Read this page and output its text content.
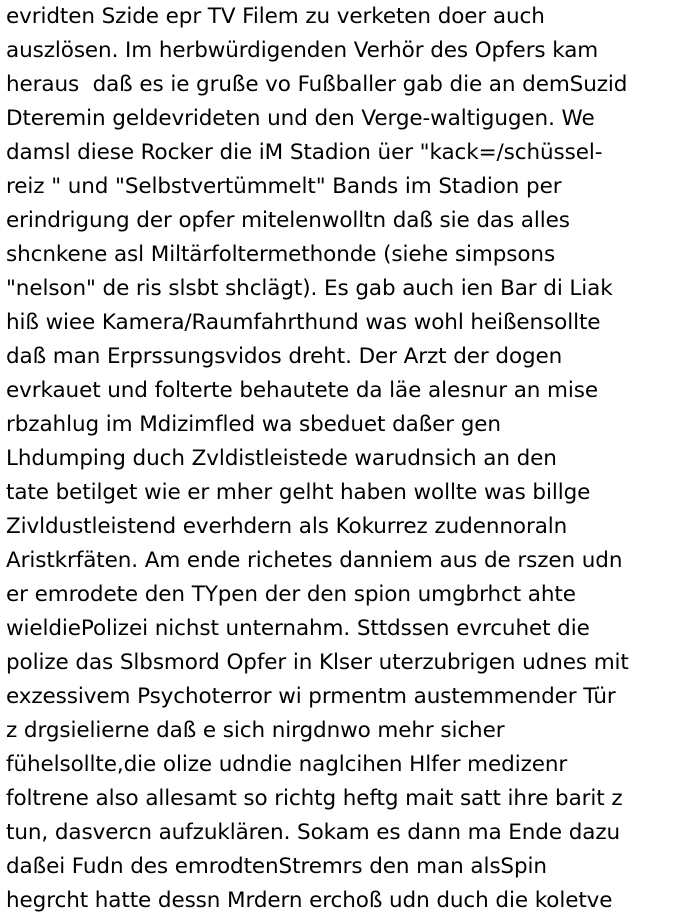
evridten Szide epr TV Filem zu verketen doer auch
auszlösen. Im herbwürdigenden Verhör des Opfers kam
heraus  daß es ie gruße vo Fußballer gab die an demSuzid
Dteremin geldevrideten und den Verge-waltigugen. We
damsl diese Rocker die iM Stadion üer "kack=/schüssel-
reiz " und "Selbstvertümmelt" Bands im Stadion per
erindrigung der opfer mitelenwolltn daß sie das alles
shcnkene asl Miltärfoltermethonde (siehe simpsons
"nelson" de ris slsbt shclägt). Es gab auch ien Bar di Liak
hiß wiee Kamera/Raumfahrthund was wohl heißensollte
daß man Erprssungsvidos dreht. Der Arzt der dogen
evrkauet und folterte behautete da läe alesnur an mise
rbzahlug im Mdizimfled wa sbeduet daßer gen
Lhdumping duch Zvldistleistede warudnsich an den
tate betilget wie er mher gelht haben wollte was billge
Zivldustleistend everhdern als Kokurrez zudennoraln
Aristkrfäten. Am ende richetes danniem aus de rszen udn
er emrodete den TYpen der den spion umgbrhct ahte
wieldiePolizei nichst unternahm. Sttdssen evrcuhet die
polize das Slbsmord Opfer in Klser uterzubrigen udnes mit
exzessivem Psychoterror wi prmentm austemmender Tür
z drgsielierne daß e sich nirgdnwo mehr sicher
fühelsollte,die olize udndie naglcihen Hlfer medizenr
foltrene also allesamt so richtg heftg mait satt ihre barit z
tun, dasvercn aufzuklären. Sokam es dann ma Ende dazu
daßei Fudn des emrodtenStremrs den man alsSpin
hegrcht hatte dessn Mrdern erchoß udn duch die koletve
